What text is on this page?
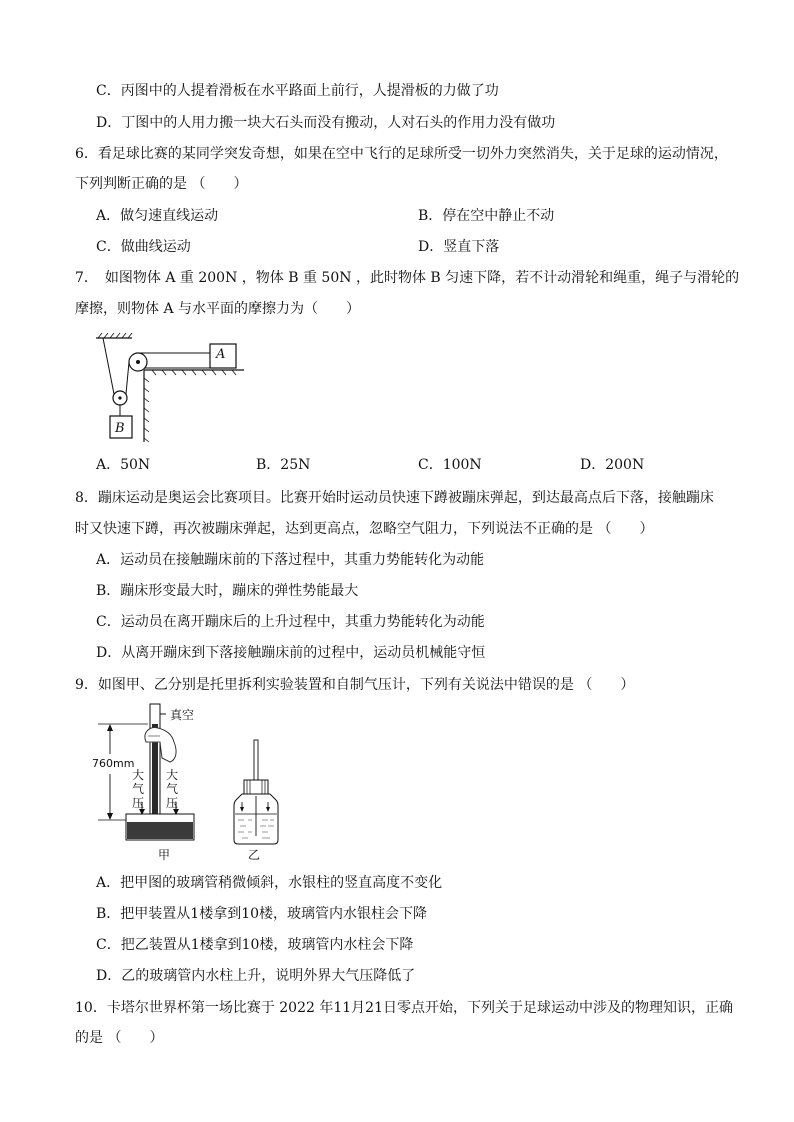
C．丙图中的人提着滑板在水平路面上前行，人提滑板的力做了功
D．丁图中的人用力搬一块大石头而没有搬动，人对石头的作用力没有做功
6．看足球比赛的某同学突发奇想，如果在空中飞行的足球所受一切外力突然消失，关于足球的运动情况，
下列判断正确的是 （　　）
A．做匀速直线运动	B．停在空中静止不动
C．做曲线运动	D．竖直下落
7．　如图物体 A 重 200N ，物体 B 重 50N ，此时物体 B 匀速下降，若不计动滑轮和绳重，绳子与滑轮的
摩擦，则物体 A 与水平面的摩擦力为（　　）
A
B
A．50N	B．25N	C．100N	D．200N
8．蹦床运动是奥运会比赛项目。比赛开始时运动员快速下蹲被蹦床弹起，到达最高点后下落，接触蹦床
时又快速下蹲，再次被蹦床弹起，达到更高点，忽略空气阻力，下列说法不正确的是 （　　）
A．运动员在接触蹦床前的下落过程中，其重力势能转化为动能
B．蹦床形变最大时，蹦床的弹性势能最大
C．运动员在离开蹦床后的上升过程中，其重力势能转化为动能
D．从离开蹦床到下落接触蹦床前的过程中，运动员机械能守恒
9．如图甲、乙分别是托里拆利实验装置和自制气压计，下列有关说法中错误的是 （　　）
真空
760mm
大
气
压
大
气
压
甲	乙
A．把甲图的玻璃管稍微倾斜，水银柱的竖直高度不变化
B．把甲装置从1楼拿到10楼，玻璃管内水银柱会下降
C．把乙装置从1楼拿到10楼，玻璃管内水柱会下降
D．乙的玻璃管内水柱上升，说明外界大气压降低了
10．卡塔尔世界杯第一场比赛于 2022 年11月21日零点开始，下列关于足球运动中涉及的物理知识，正确
的是 （　　）
